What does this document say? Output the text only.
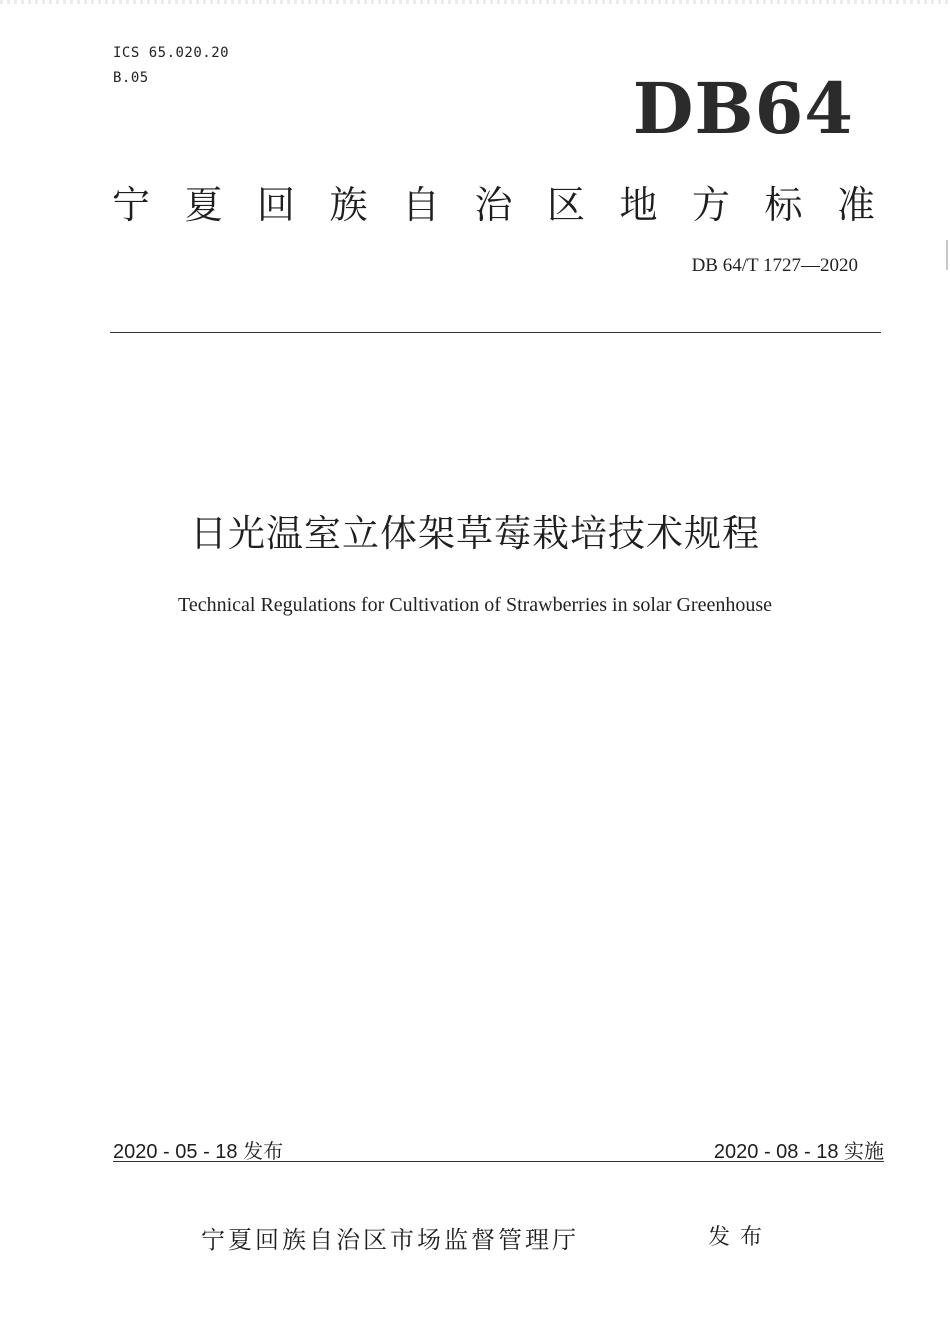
ICS 65.020.20
B.05	DB64
宁夏回族自治区地方标准
DB 64/T 1727—2020
日光温室立体架草莓栽培技术规程
Technical Regulations for Cultivation of Strawberries in solar Greenhouse
2020 - 05 - 18 发布	2020 - 08 - 18 实施
宁夏回族自治区市场监督管理厅	发布
